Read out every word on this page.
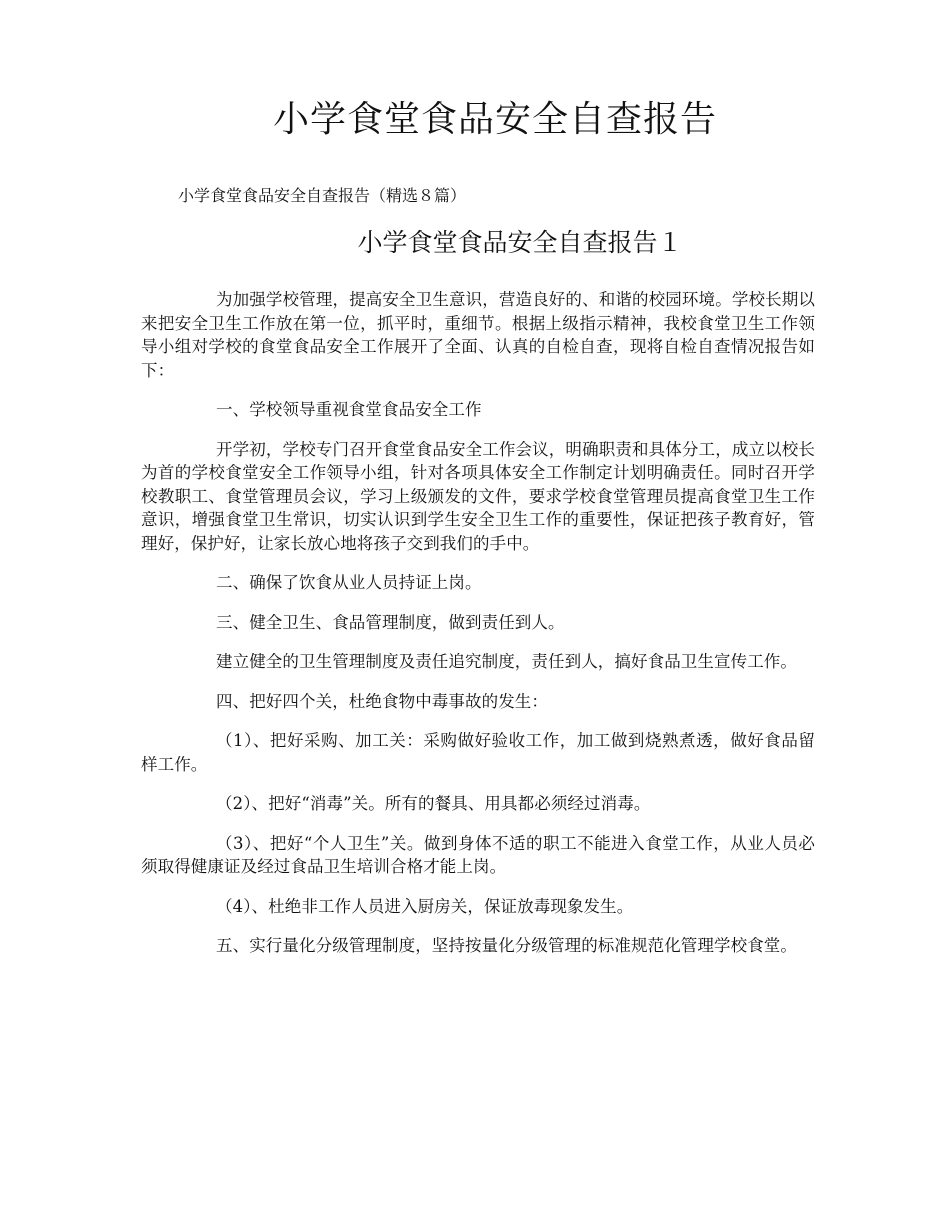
小学食堂食品安全自查报告

小学食堂食品安全自查报告（精选８篇）

小学食堂食品安全自查报告１

为加强学校管理，提高安全卫生意识，营造良好的、和谐的校园环境。学校长期以来把安全卫生工作放在第一位，抓平时，重细节。根据上级指示精神，我校食堂卫生工作领导小组对学校的食堂食品安全工作展开了全面、认真的自检自查，现将自检自查情况报告如下：

一、学校领导重视食堂食品安全工作

开学初，学校专门召开食堂食品安全工作会议，明确职责和具体分工，成立以校长为首的学校食堂安全工作领导小组，针对各项具体安全工作制定计划明确责任。同时召开学校教职工、食堂管理员会议，学习上级颁发的文件，要求学校食堂管理员提高食堂卫生工作意识，增强食堂卫生常识，切实认识到学生安全卫生工作的重要性，保证把孩子教育好，管理好，保护好，让家长放心地将孩子交到我们的手中。

二、确保了饮食从业人员持证上岗。

三、健全卫生、食品管理制度，做到责任到人。

建立健全的卫生管理制度及责任追究制度，责任到人，搞好食品卫生宣传工作。

四、把好四个关，杜绝食物中毒事故的发生：

（1）、把好采购、加工关：采购做好验收工作，加工做到烧熟煮透，做好食品留样工作。

（2）、把好“消毒”关。所有的餐具、用具都必须经过消毒。

（3）、把好“个人卫生”关。做到身体不适的职工不能进入食堂工作，从业人员必须取得健康证及经过食品卫生培训合格才能上岗。

（4）、杜绝非工作人员进入厨房关，保证放毒现象发生。

五、实行量化分级管理制度，坚持按量化分级管理的标准规范化管理学校食堂。
